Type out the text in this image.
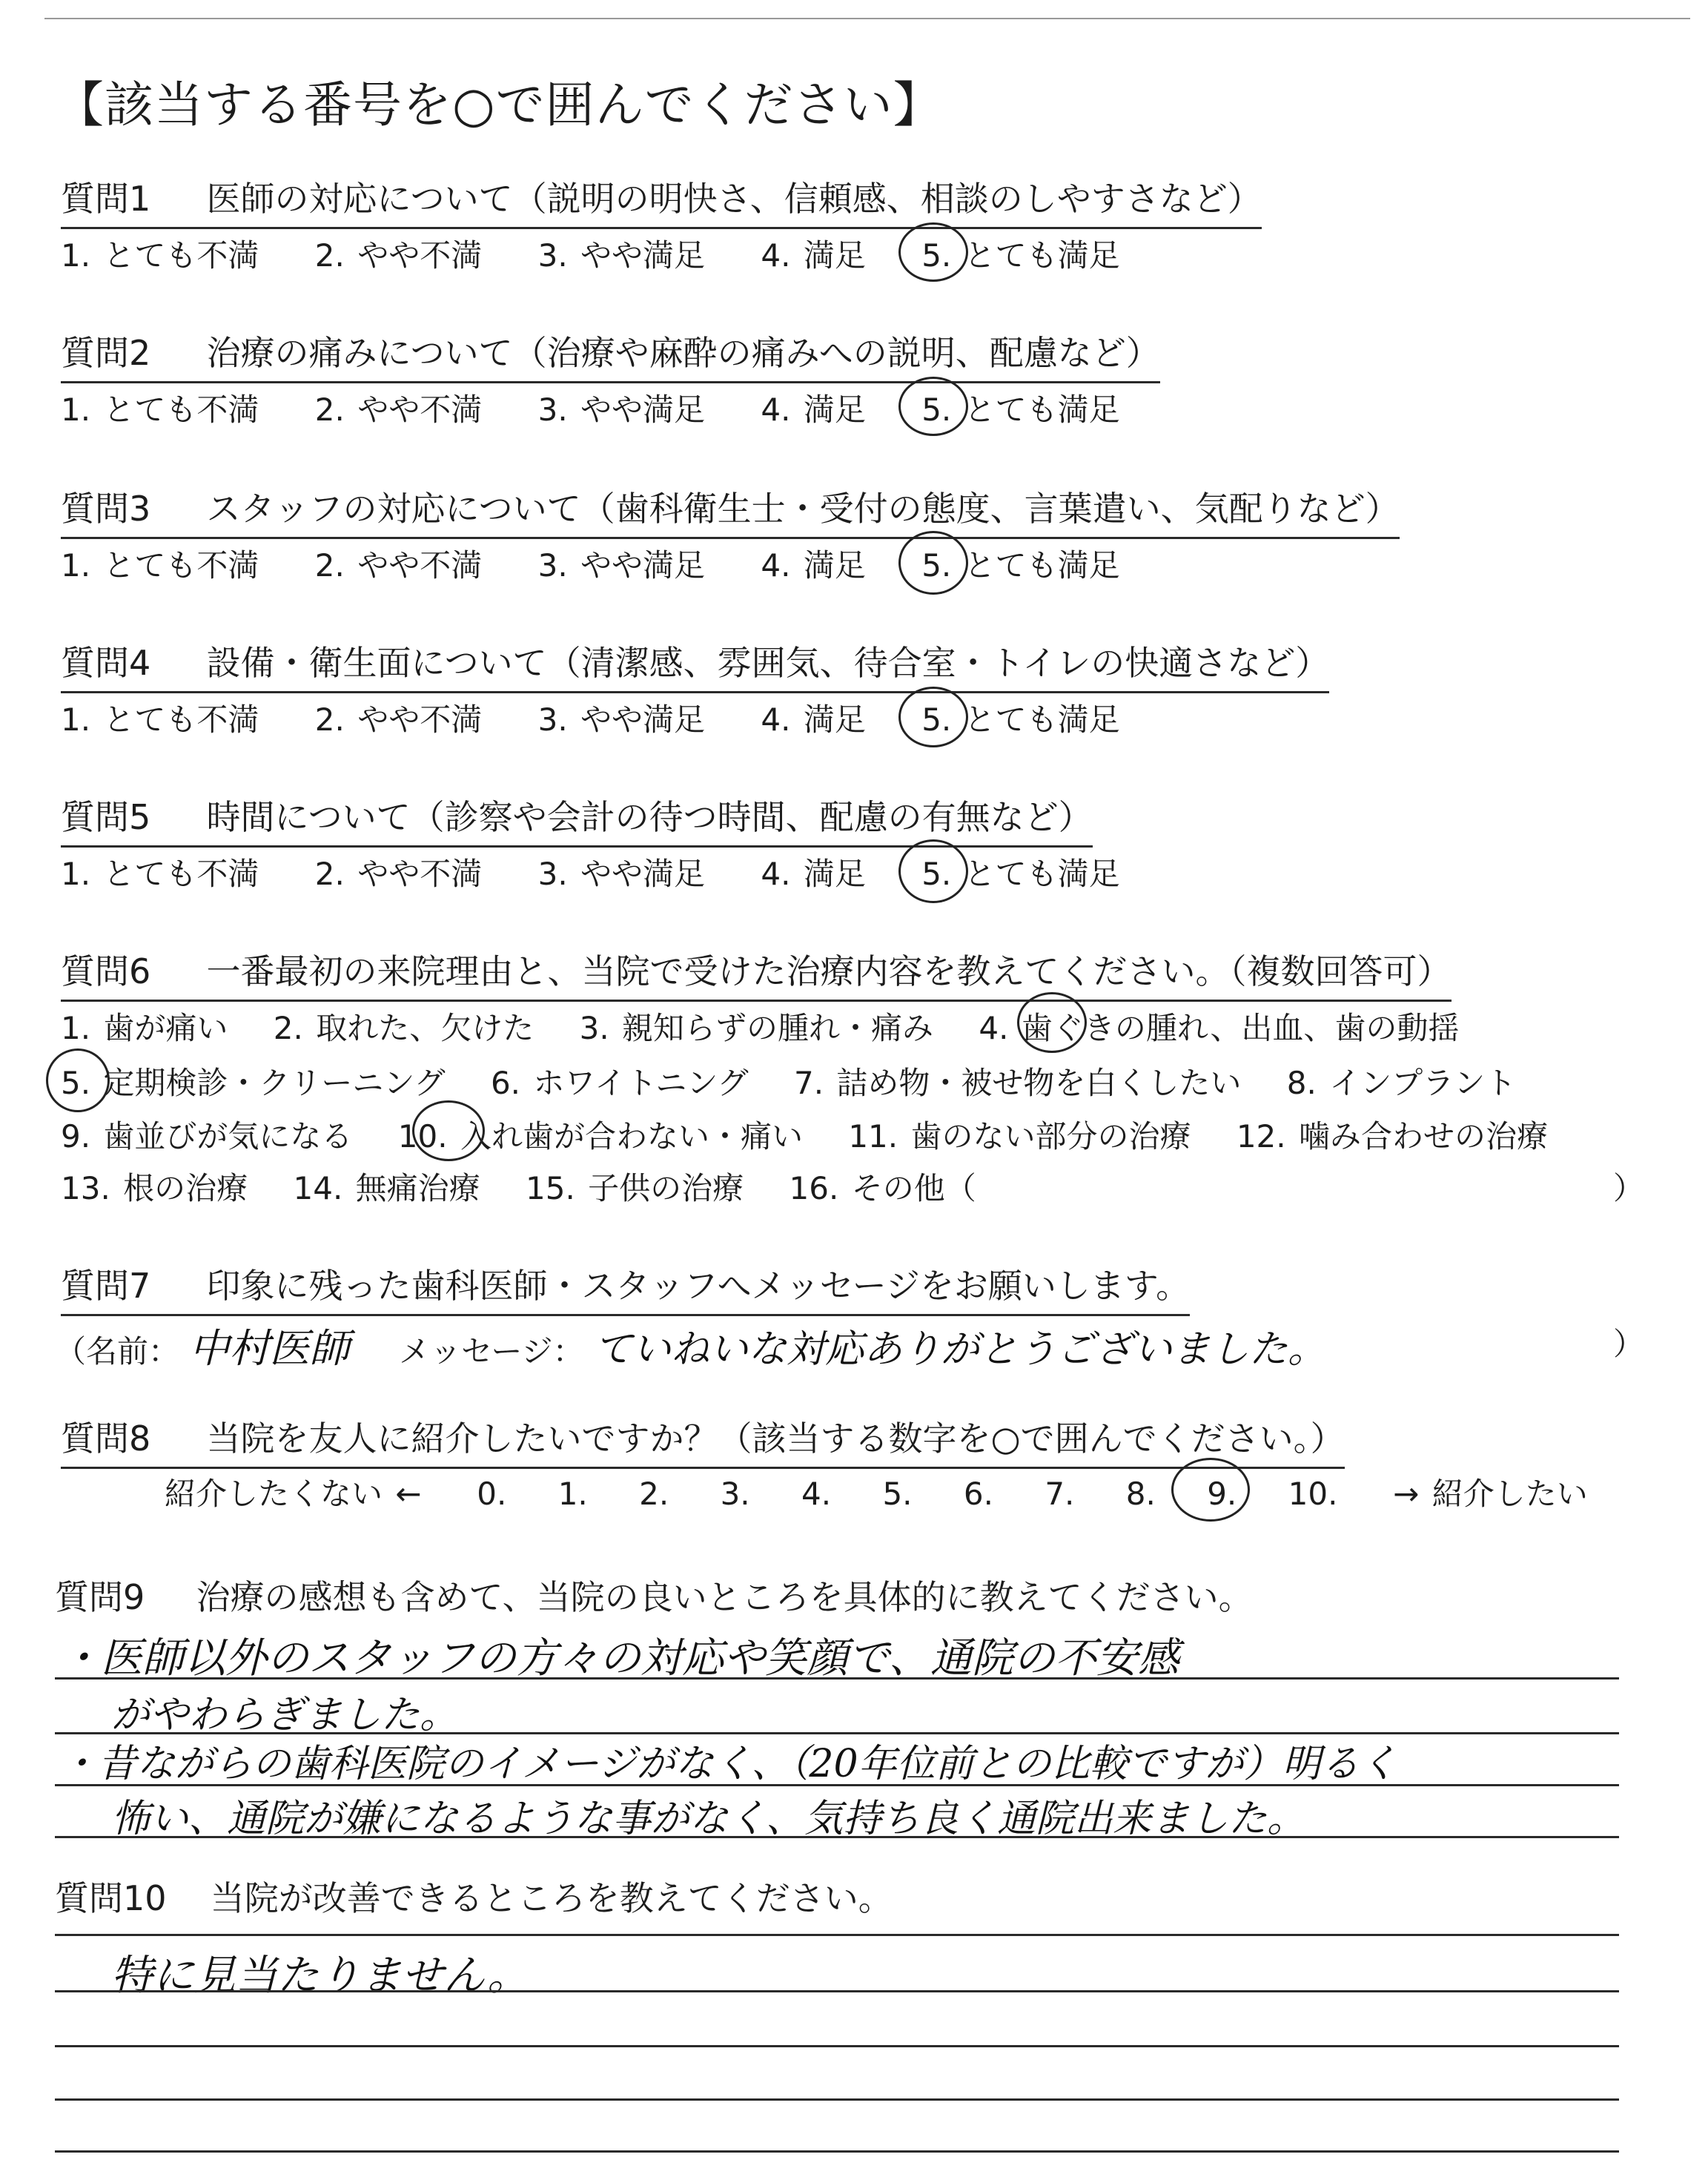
【該当する番号を○で囲んでください】
質問1 医師の対応について（説明の明快さ、信頼感、相談のしやすさなど）
1. とても不満 2. やや不満 3. やや満足 4. 満足 5. とても満足
質問2 治療の痛みについて（治療や麻酔の痛みへの説明、配慮など）
1. とても不満 2. やや不満 3. やや満足 4. 満足 5. とても満足
質問3 スタッフの対応について（歯科衛生士・受付の態度、言葉遣い、気配りなど）
1. とても不満 2. やや不満 3. やや満足 4. 満足 5. とても満足
質問4 設備・衛生面について（清潔感、雰囲気、待合室・トイレの快適さなど）
1. とても不満 2. やや不満 3. やや満足 4. 満足 5. とても満足
質問5 時間について（診察や会計の待つ時間、配慮の有無など）
1. とても不満 2. やや不満 3. やや満足 4. 満足 5. とても満足
質問6 一番最初の来院理由と、当院で受けた治療内容を教えてください。（複数回答可）
1. 歯が痛い 2. 取れた、欠けた 3. 親知らずの腫れ・痛み 4. 歯ぐきの腫れ、出血、歯の動揺
5. 定期検診・クリーニング 6. ホワイトニング 7. 詰め物・被せ物を白くしたい 8. インプラント
9. 歯並びが気になる 10. 入れ歯が合わない・痛い 11. 歯のない部分の治療 12. 噛み合わせの治療
13. 根の治療 14. 無痛治療 15. 子供の治療 16. その他（	）
質問7 印象に残った歯科医師・スタッフへメッセージをお願いします。
（名前： 中村医師 メッセージ： ていねいな対応ありがとうございました。	）
質問8 当院を友人に紹介したいですか？（該当する数字を○で囲んでください。）
紹介したくない ← 0. 1. 2. 3. 4. 5. 6. 7. 8. 9. 10. → 紹介したい
質問9 治療の感想も含めて、当院の良いところを具体的に教えてください。
・医師以外のスタッフの方々の対応や笑顔で、通院の不安感
がやわらぎました。
・昔ながらの歯科医院のイメージがなく、（20年位前との比較ですが）明るく
怖い、通院が嫌になるような事がなく、気持ち良く通院出来ました。
質問10 当院が改善できるところを教えてください。
特に見当たりません。
